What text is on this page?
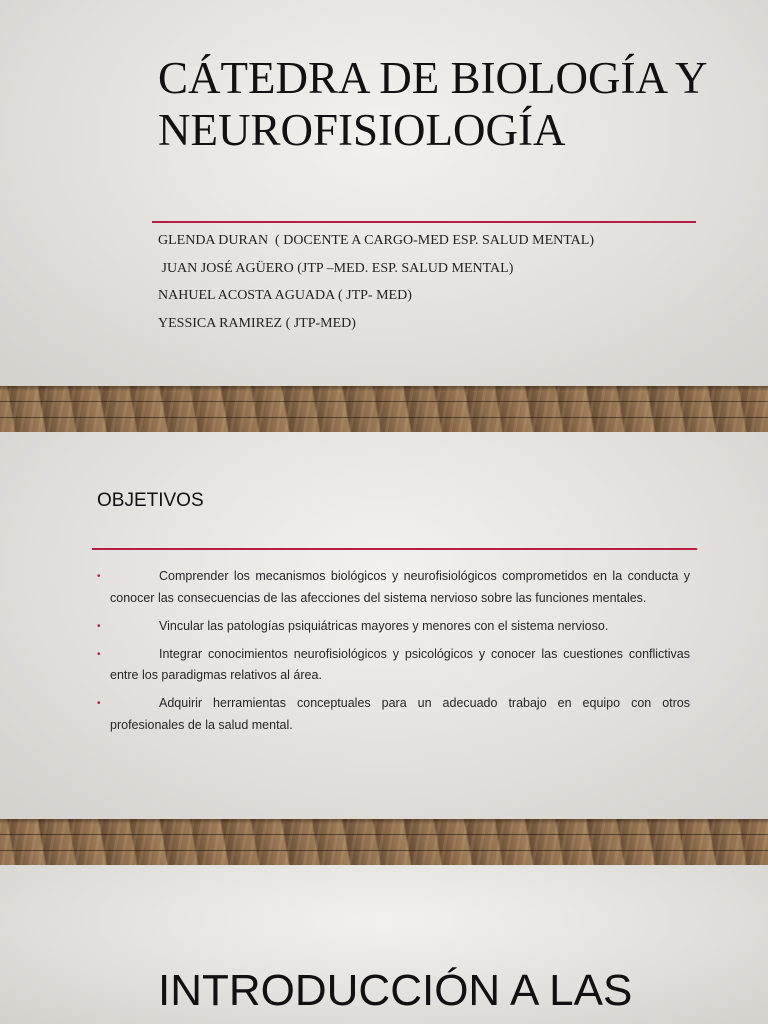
CÁTEDRA DE BIOLOGÍA Y NEUROFISIOLOGÍA
GLENDA DURAN  ( DOCENTE A CARGO-MED ESP. SALUD MENTAL)
JUAN JOSÉ AGÜERO (JTP –MED. ESP. SALUD MENTAL)
NAHUEL ACOSTA AGUADA ( JTP- MED)
YESSICA RAMIREZ ( JTP-MED)
OBJETIVOS
•	Comprender los mecanismos biológicos y neurofisiológicos comprometidos en la conducta y conocer las consecuencias de las afecciones del sistema nervioso sobre las funciones mentales.
•	Vincular las patologías psiquiátricas mayores y menores con el sistema nervioso.
•	Integrar conocimientos neurofisiológicos y psicológicos y conocer las cuestiones conflictivas entre los paradigmas relativos al área.
•	Adquirir herramientas conceptuales para un adecuado trabajo en equipo con otros profesionales de la salud mental.
INTRODUCCIÓN A LAS
